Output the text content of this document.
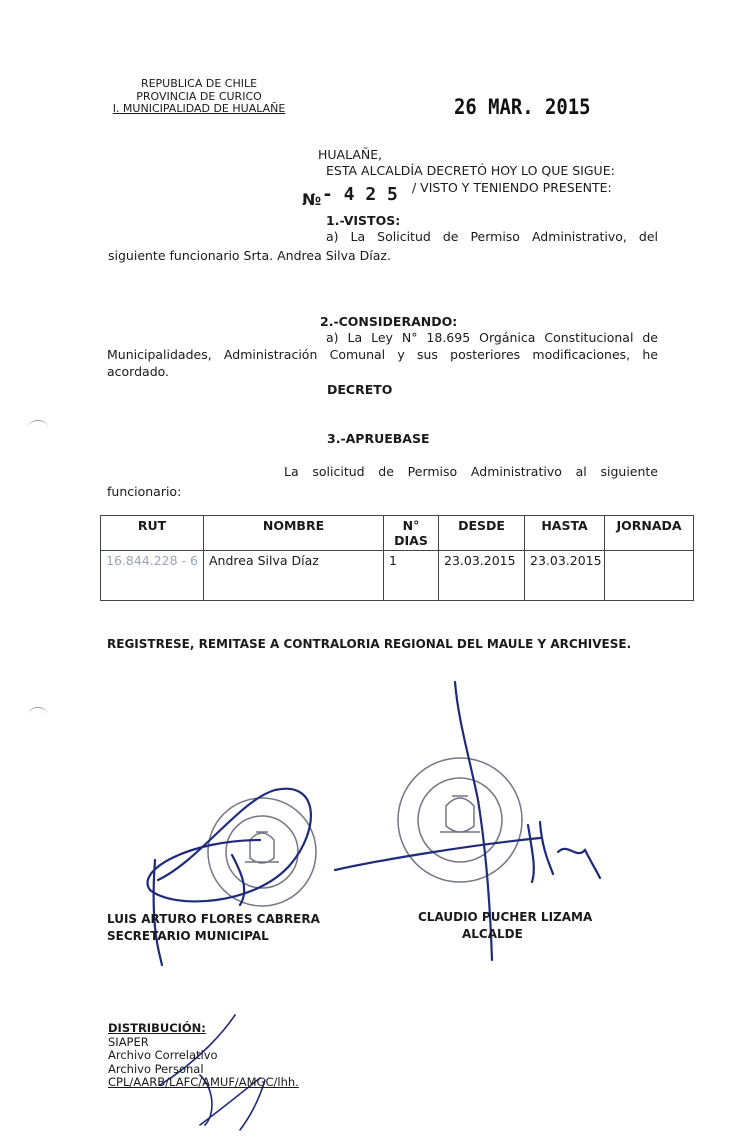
REPUBLICA DE CHILE
PROVINCIA DE CURICO
I. MUNICIPALIDAD DE HUALAÑE	26 MAR. 2015
HUALAÑE,
ESTA ALCALDÍA DECRETÓ HOY LO QUE SIGUE:
№ - 4 2 5 / VISTO Y TENIENDO PRESENTE:
1.-VISTOS:
a) La Solicitud de Permiso Administrativo, del
siguiente funcionario Srta. Andrea Silva Díaz.
2.-CONSIDERANDO:
a) La Ley N° 18.695 Orgánica Constitucional de
Municipalidades, Administración Comunal y sus posteriores modificaciones, he
acordado.
DECRETO
3.-APRUEBASE
La solicitud de Permiso Administrativo al siguiente
funcionario:
RUT	NOMBRE	N° DIAS	DESDE	HASTA	JORNADA
16.844.228 - 6	Andrea Silva Díaz	1	23.03.2015	23.03.2015	
REGISTRESE, REMITASE A CONTRALORIA REGIONAL DEL MAULE Y ARCHIVESE.
LUIS ARTURO FLORES CABRERA
SECRETARIO MUNICIPAL
CLAUDIO PUCHER LIZAMA
ALCALDE
DISTRIBUCIÓN:
SIAPER
Archivo Correlativo
Archivo Personal
CPL/AARB/LAFC/AMUF/AMGC/lhh.
